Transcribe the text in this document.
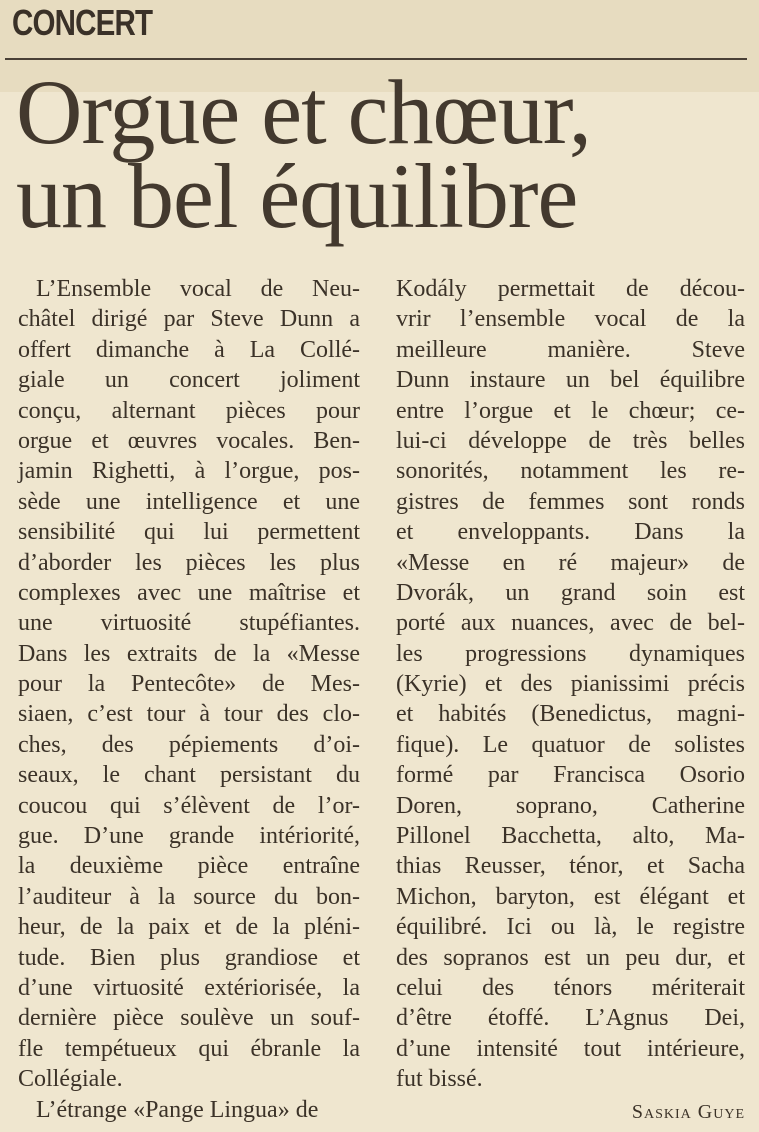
CONCERT
Orgue et chœur,
un bel équilibre
L’Ensemble vocal de Neu-
châtel dirigé par Steve Dunn a
offert dimanche à La Collé-
giale un concert joliment
conçu, alternant pièces pour
orgue et œuvres vocales. Ben-
jamin Righetti, à l’orgue, pos-
sède une intelligence et une
sensibilité qui lui permettent
d’aborder les pièces les plus
complexes avec une maîtrise et
une virtuosité stupéfiantes.
Dans les extraits de la «Messe
pour la Pentecôte» de Mes-
siaen, c’est tour à tour des clo-
ches, des pépiements d’oi-
seaux, le chant persistant du
coucou qui s’élèvent de l’or-
gue. D’une grande intériorité,
la deuxième pièce entraîne
l’auditeur à la source du bon-
heur, de la paix et de la pléni-
tude. Bien plus grandiose et
d’une virtuosité extériorisée, la
dernière pièce soulève un souf-
fle tempétueux qui ébranle la
Collégiale.
L’étrange «Pange Lingua» de
Kodály permettait de décou-
vrir l’ensemble vocal de la
meilleure manière. Steve
Dunn instaure un bel équilibre
entre l’orgue et le chœur; ce-
lui-ci développe de très belles
sonorités, notamment les re-
gistres de femmes sont ronds
et enveloppants. Dans la
«Messe en ré majeur» de
Dvorák, un grand soin est
porté aux nuances, avec de bel-
les progressions dynamiques
(Kyrie) et des pianissimi précis
et habités (Benedictus, magni-
fique). Le quatuor de solistes
formé par Francisca Osorio
Doren, soprano, Catherine
Pillonel Bacchetta, alto, Ma-
thias Reusser, ténor, et Sacha
Michon, baryton, est élégant et
équilibré. Ici ou là, le registre
des sopranos est un peu dur, et
celui des ténors mériterait
d’être étoffé. L’Agnus Dei,
d’une intensité tout intérieure,
fut bissé.
Saskia Guye
